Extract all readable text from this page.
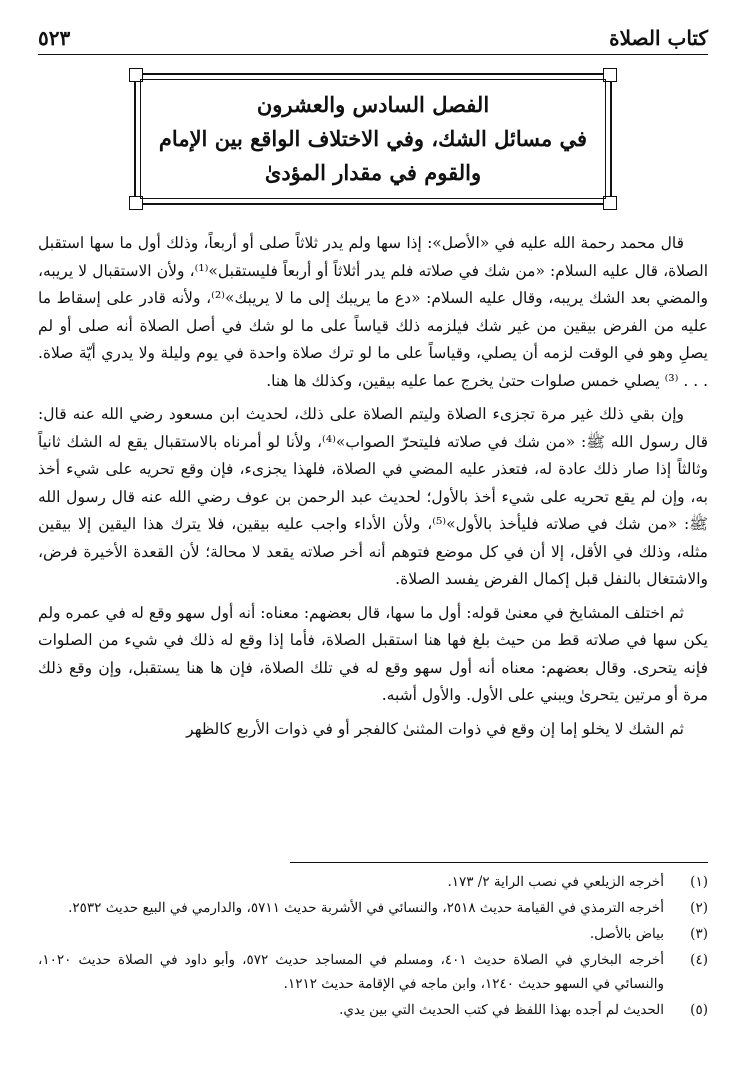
كتاب الصلاة
٥٢٣
الفصل السادس والعشرون
في مسائل الشك، وفي الاختلاف الواقع بين الإمام
والقوم في مقدار المؤدىٰ

قال محمد رحمة الله عليه في «الأصل»: إذا سها ولم يدر ثلاثاً صلى أو أربعاً، وذلك أول ما سها استقبل الصلاة، قال عليه السلام: «من شك في صلاته فلم يدر أثلاثاً أو أربعاً فليستقبل»⁽¹⁾، ولأن الاستقبال لا يريبه، والمضي بعد الشك يريبه، وقال عليه السلام: «دع ما يريبك إلى ما لا يريبك»⁽²⁾، ولأنه قادر على إسقاط ما عليه من الفرض بيقين من غير شك فيلزمه ذلك قياساً على ما لو شك في أصل الصلاة أنه صلى أو لم يصلِ وهو في الوقت لزمه أن يصلي، وقياساً على ما لو ترك صلاة واحدة في يوم وليلة ولا يدري أيّة صلاة. . . . ⁽³⁾ يصلي خمس صلوات حتىٰ يخرج عما عليه بيقين، وكذلك ها هنا.

وإن بقي ذلك غير مرة تجزىء الصلاة وليتم الصلاة على ذلك، لحديث ابن مسعود رضي الله عنه قال: قال رسول الله ﷺ: «من شك في صلاته فليتحرّ الصواب»⁽⁴⁾، ولأنا لو أمرناه بالاستقبال يقع له الشك ثانياً وثالثاً إذا صار ذلك عادة له، فتعذر عليه المضي في الصلاة، فلهذا يجزىء، فإن وقع تحريه على شيء أخذ به، وإن لم يقع تحريه على شيء أخذ بالأول؛ لحديث عبد الرحمن بن عوف رضي الله عنه قال رسول الله ﷺ: «من شك في صلاته فليأخذ بالأول»⁽⁵⁾، ولأن الأداء واجب عليه بيقين، فلا يترك هذا اليقين إلا بيقين مثله، وذلك في الأقل، إلا أن في كل موضع فتوهم أنه أخر صلاته يقعد لا محالة؛ لأن القعدة الأخيرة فرض، والاشتغال بالنفل قبل إكمال الفرض يفسد الصلاة.

ثم اختلف المشايخ في معنىٰ قوله: أول ما سها، قال بعضهم: معناه: أنه أول سهو وقع له في عمره ولم يكن سها في صلاته قط من حيث بلغ فها هنا استقبل الصلاة، فأما إذا وقع له ذلك في شيء من الصلوات فإنه يتحرى. وقال بعضهم: معناه أنه أول سهو وقع له في تلك الصلاة، فإن ها هنا يستقبل، وإن وقع ذلك مرة أو مرتين يتحرىٰ ويبني على الأول. والأول أشبه.

ثم الشك لا يخلو إما إن وقع في ذوات المثنىٰ كالفجر أو في ذوات الأربع كالظهر

(١)
أخرجه الزيلعي في نصب الراية ٢/ ١٧٣.
(٢)
أخرجه الترمذي في القيامة حديث ٢٥١٨، والنسائي في الأشربة حديث ٥٧١١، والدارمي في البيع حديث ٢٥٣٢.
(٣)
بياض بالأصل.
(٤)
أخرجه البخاري في الصلاة حديث ٤٠١، ومسلم في المساجد حديث ٥٧٢، وأبو داود في الصلاة حديث ١٠٢٠، والنسائي في السهو حديث ١٢٤٠، وابن ماجه في الإقامة حديث ١٢١٢.
(٥)
الحديث لم أجده بهذا اللفظ في كتب الحديث التي بين يدي.
